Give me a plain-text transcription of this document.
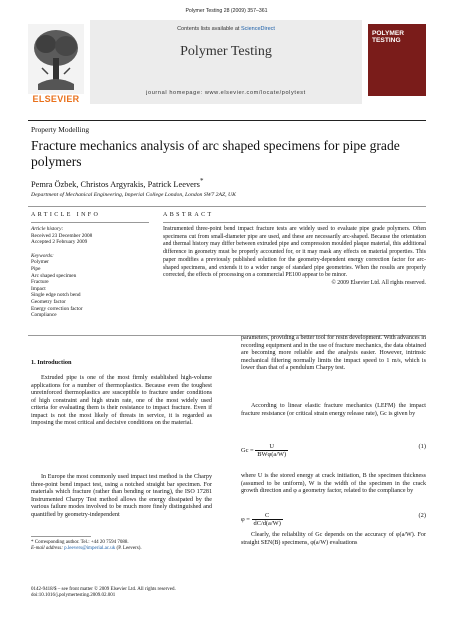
Polymer Testing 28 (2009) 357–361
ELSEVIER
Contents lists available at ScienceDirect
Polymer Testing
journal homepage: www.elsevier.com/locate/polytest
POLYMER TESTING
Property Modelling
Fracture mechanics analysis of arc shaped specimens for pipe grade polymers
Pemra Özbek, Christos Argyrakis, Patrick Leevers*
Department of Mechanical Engineering, Imperial College London, London SW7 2AZ, UK
ARTICLE INFO	ABSTRACT
Article history:
Received 23 December 2008
Accepted 2 February 2009
Keywords:
Polymer
Pipe
Arc shaped specimen
Fracture
Impact
Single edge notch bend
Geometry factor
Energy correction factor
Compliance
Instrumented three-point bend impact fracture tests are widely used to evaluate pipe grade polymers. Often specimens cut from small-diameter pipe are used, and these are necessarily arc-shaped. Because the orientation and thermal history may differ between extruded pipe and compression moulded plaque material, this additional difference in geometry must be properly accounted for, or it may mask any effects on material properties. This paper modifies a previously published solution for the geometry-dependent energy correction factor for arc-shaped specimens, and extends it to a wider range of standard pipe geometries. When the results are properly corrected, the effects of processing on a commercial PE100 appear to be minor.
© 2009 Elsevier Ltd. All rights reserved.
1. Introduction
Extruded pipe is one of the most firmly established high-volume applications for a number of thermoplastics. Because even the toughest unreinforced thermoplastics are susceptible to fracture under conditions of high constraint and high strain rate, one of the most widely used criteria for evaluating them is their resistance to impact fracture. Even if impact is not the most likely of threats in service, it is regarded as imposing the most critical and decisive conditions on the material.
In Europe the most commonly used impact test method is the Charpy three-point bend impact test, using a notched straight bar specimen. For materials which fracture (rather than bending or tearing), the ISO 17281 Instrumented Charpy Test method allows the energy dissipated by the various failure modes involved to be much more finely distinguished and quantified by geometry-independent
parameters, providing a better tool for resin development. With advances in recording equipment and in the use of fracture mechanics, the data obtained are becoming more reliable and the analysis easier. However, intrinsic mechanical filtering normally limits the impact speed to 1 m/s, which is lower than that of a pendulum Charpy test.
According to linear elastic fracture mechanics (LEFM) the impact fracture resistance (or critical strain energy release rate), Gc is given by
$Gc = \frac{U}{\text{BWφ(a/W)}}$	(1)
where U is the stored energy at crack initiation, B the specimen thickness (assumed to be uniform), W is the width of the specimen in the crack growth direction and φ a geometry factor, related to the compliance by
$\varphi = \frac{C}{dC/d(a/W)}$	(2)
Clearly, the reliability of Gc depends on the accuracy of φ(a/W). For straight SEN(B) specimens, φ(a/W) evaluations
* Corresponding author. Tel.: +44 20 7594 7088.
E-mail address: p.leevers@imperial.ac.uk (P. Leevers).
0142-9418/$ – see front matter © 2009 Elsevier Ltd. All rights reserved.
doi:10.1016/j.polymertesting.2009.02.001
